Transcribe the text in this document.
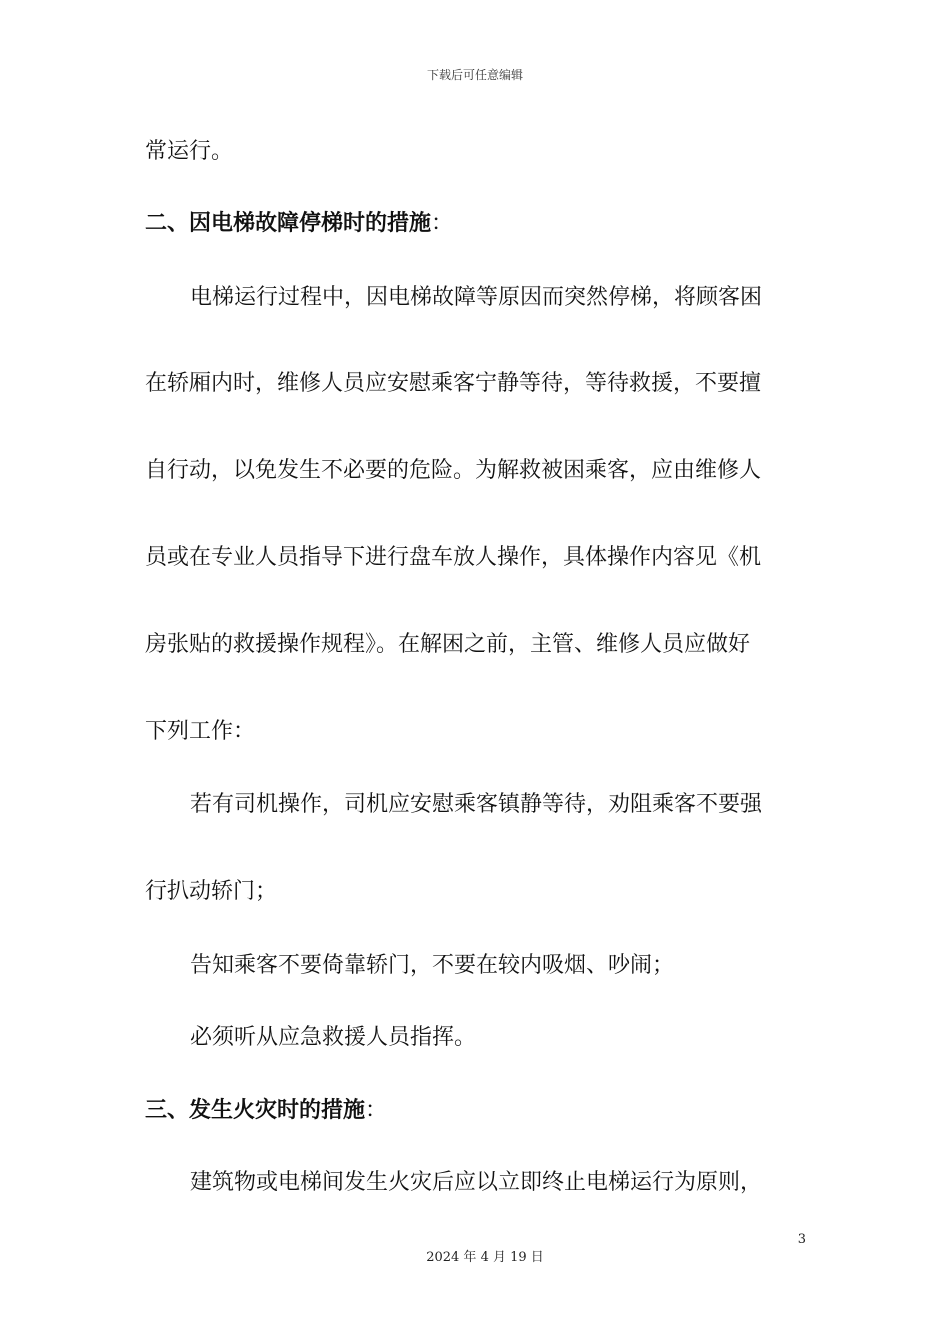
下载后可任意编辑
常运行。
二、因电梯故障停梯时的措施：
电梯运行过程中，因电梯故障等原因而突然停梯，将顾客困
在轿厢内时，维修人员应安慰乘客宁静等待，等待救援，不要擅
自行动，以免发生不必要的危险。为解救被困乘客，应由维修人
员或在专业人员指导下进行盘车放人操作，具体操作内容见《机
房张贴的救援操作规程》。在解困之前，主管、维修人员应做好
下列工作：
若有司机操作，司机应安慰乘客镇静等待，劝阻乘客不要强
行扒动轿门；
告知乘客不要倚靠轿门，不要在较内吸烟、吵闹；
必须听从应急救援人员指挥。
三、发生火灾时的措施：
建筑物或电梯间发生火灾后应以立即终止电梯运行为原则，
3
2024 年 4 月 19 日
